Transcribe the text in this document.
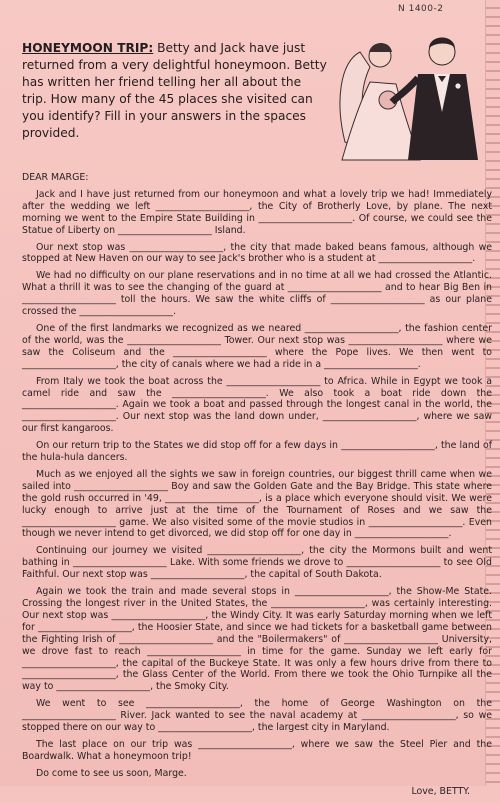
N 1400-2
HONEYMOON TRIP: Betty and Jack have just returned from a very delightful honeymoon. Betty has written her friend telling her all about the trip. How many of the 45 places she visited can you identify? Fill in your answers in the spaces provided.

DEAR MARGE:

Jack and I have just returned from our honeymoon and what a lovely trip we had! Immediately after the wedding we left ____________________, the City of Brotherly Love, by plane. The next morning we went to the Empire State Building in ____________________. Of course, we could see the Statue of Liberty on ____________________ Island.

Our next stop was ____________________, the city that made baked beans famous, although we stopped at New Haven on our way to see Jack's brother who is a student at ____________________.

We had no difficulty on our plane reservations and in no time at all we had crossed the Atlantic. What a thrill it was to see the changing of the guard at ____________________ and to hear Big Ben in ____________________ toll the hours. We saw the white cliffs of ____________________ as our plane crossed the ____________________.

One of the first landmarks we recognized as we neared ____________________, the fashion center of the world, was the ____________________ Tower. Our next stop was ____________________ where we saw the Coliseum and the ____________________ where the Pope lives. We then went to ____________________, the city of canals where we had a ride in a ____________________.

From Italy we took the boat across the ____________________ to Africa. While in Egypt we took a camel ride and saw the ____________________. We also took a boat ride down the ____________________. Again we took a boat and passed through the longest canal in the world, the ____________________. Our next stop was the land down under, ____________________, where we saw our first kangaroos.

On our return trip to the States we did stop off for a few days in ____________________, the land of the hula-hula dancers.

Much as we enjoyed all the sights we saw in foreign countries, our biggest thrill came when we sailed into ____________________ Boy and saw the Golden Gate and the Bay Bridge. This state where the gold rush occurred in '49, ____________________, is a place which everyone should visit. We were lucky enough to arrive just at the time of the Tournament of Roses and we saw the ____________________ game. We also visited some of the movie studios in ____________________. Even though we never intend to get divorced, we did stop off for one day in ____________________.

Continuing our journey we visited ____________________, the city the Mormons built and went bathing in ____________________ Lake. With some friends we drove to ____________________ to see Old Faithful. Our next stop was ____________________, the capital of South Dakota.

Again we took the train and made several stops in ____________________, the Show-Me State. Crossing the longest river in the United States, the ____________________, was certainly interesting. Our next stop was ____________________, the Windy City. It was early Saturday morning when we left for ____________________, the Hoosier State, and since we had tickets for a basketball game between the Fighting Irish of ____________________ and the "Boilermakers" of ____________________ University, we drove fast to reach ____________________ in time for the game. Sunday we left early for ____________________, the capital of the Buckeye State. It was only a few hours drive from there to ____________________, the Glass Center of the World. From there we took the Ohio Turnpike all the way to ____________________, the Smoky City.

We went to see ____________________, the home of George Washington on the ____________________ River. Jack wanted to see the naval academy at ____________________, so we stopped there on our way to ____________________, the largest city in Maryland.

The last place on our trip was ____________________, where we saw the Steel Pier and the Boardwalk. What a honeymoon trip!

Do come to see us soon, Marge.

Love, BETTY.
